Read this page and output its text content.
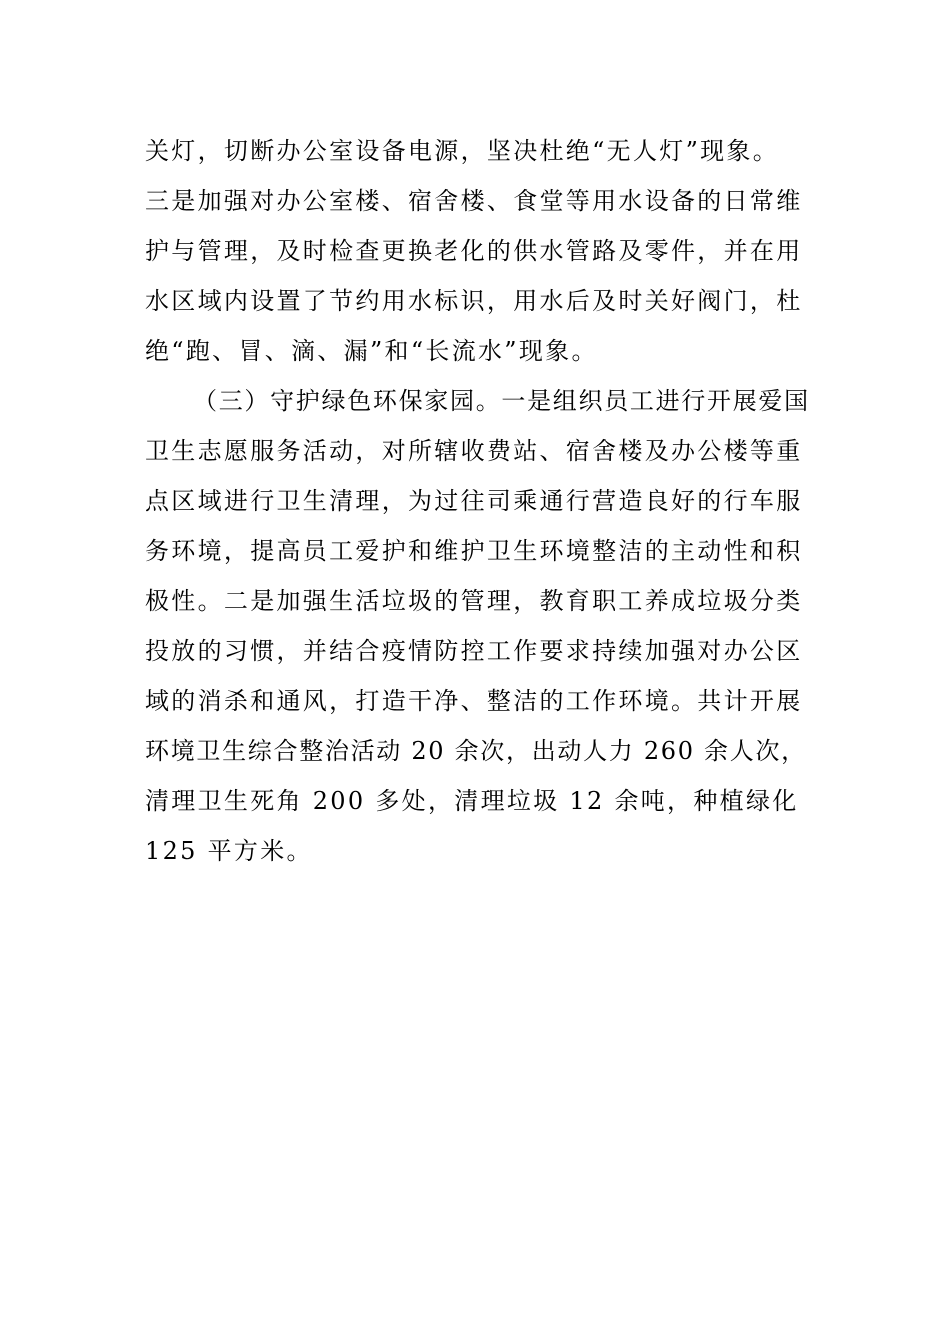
关灯，切断办公室设备电源，坚决杜绝“无人灯”现象。
三是加强对办公室楼、宿舍楼、食堂等用水设备的日常维
护与管理，及时检查更换老化的供水管路及零件，并在用
水区域内设置了节约用水标识，用水后及时关好阀门，杜
绝“跑、冒、滴、漏”和“长流水”现象。
（三）守护绿色环保家园。一是组织员工进行开展爱国
卫生志愿服务活动，对所辖收费站、宿舍楼及办公楼等重
点区域进行卫生清理，为过往司乘通行营造良好的行车服
务环境，提高员工爱护和维护卫生环境整洁的主动性和积
极性。二是加强生活垃圾的管理，教育职工养成垃圾分类
投放的习惯，并结合疫情防控工作要求持续加强对办公区
域的消杀和通风，打造干净、整洁的工作环境。共计开展
环境卫生综合整治活动 20 余次，出动人力 260 余人次，
清理卫生死角 200 多处，清理垃圾 12 余吨，种植绿化
125 平方米。
